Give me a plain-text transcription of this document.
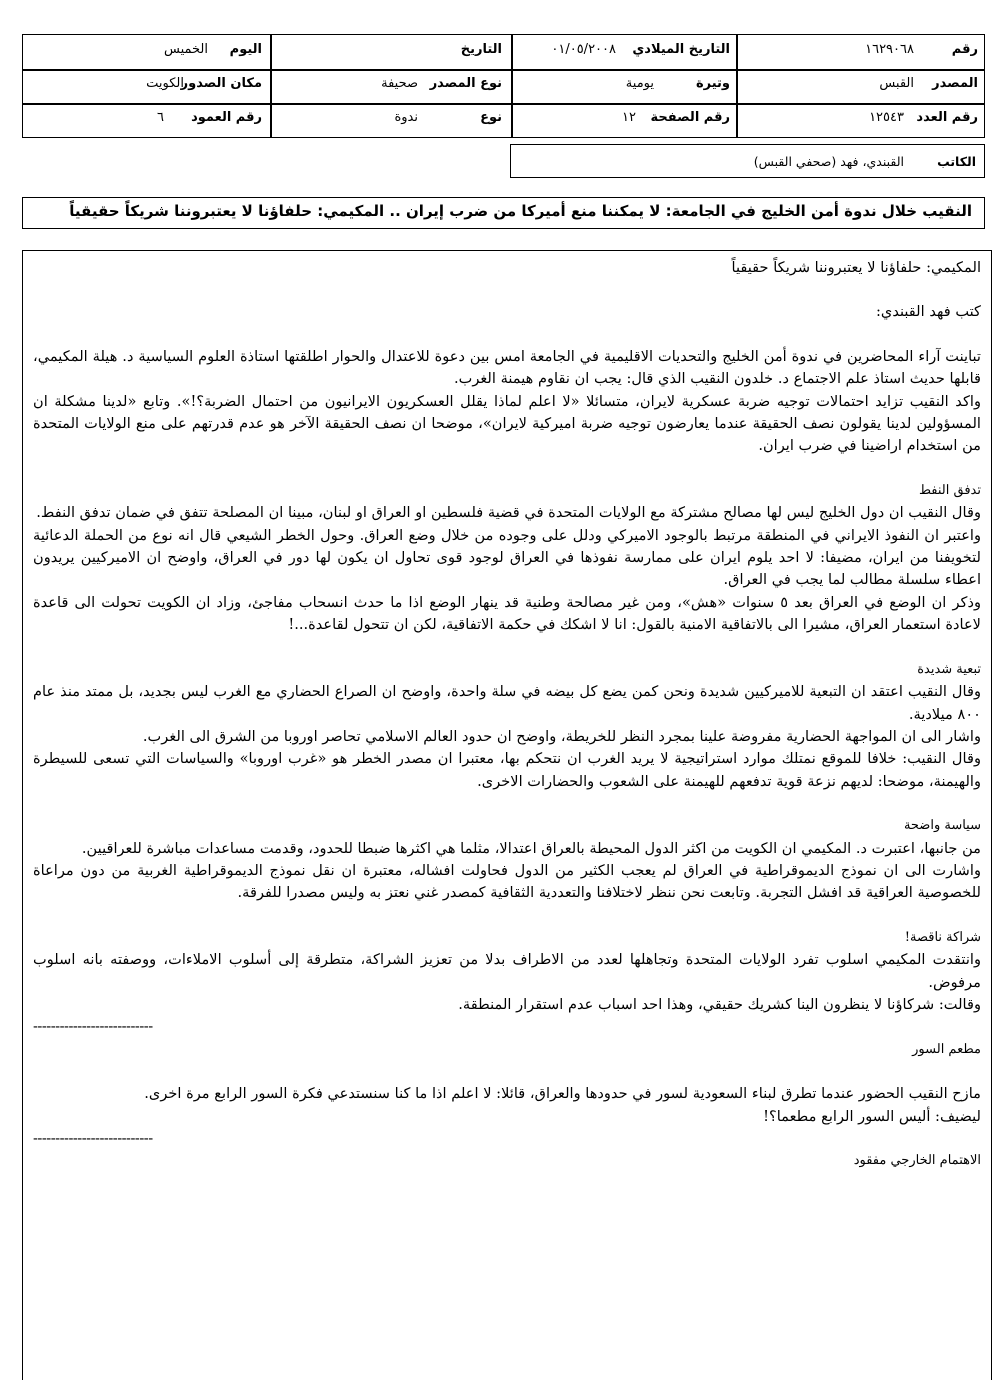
رقم
١٦٢٩٠٦٨
التاريخ الميلادي
٠١/٠٥/٢٠٠٨
التاريخ
اليوم
الخميس
المصدر
القبس
وتيرة
يومية
نوع المصدر
صحيفة
مكان الصدور
الكويت
رقم العدد
١٢٥٤٣
رقم الصفحة
١٢
نوع
ندوة
رقم العمود
٦
الكاتب
القبندي، فهد (صحفي القبس)
النقيب خلال ندوة أمن الخليج في الجامعة: لا يمكننا منع أميركا من ضرب إيران .. المكيمي: حلفاؤنا لا يعتبروننا شريكاً حقيقياً

المكيمي: حلفاؤنا لا يعتبروننا شريكاً حقيقياً

كتب فهد القبندي:

تباينت آراء المحاضرين في ندوة أمن الخليج والتحديات الاقليمية في الجامعة امس بين دعوة للاعتدال والحوار اطلقتها استاذة العلوم السياسية د. هيلة المكيمي، قابلها حديث استاذ علم الاجتماع د. خلدون النقيب الذي قال: يجب ان نقاوم هيمنة الغرب.

واكد النقيب تزايد احتمالات توجيه ضربة عسكرية لايران، متسائلا «لا اعلم لماذا يقلل العسكريون الايرانيون من احتمال الضربة؟!». وتابع «لدينا مشكلة ان المسؤولين لدينا يقولون نصف الحقيقة عندما يعارضون توجيه ضربة اميركية لايران»، موضحا ان نصف الحقيقة الآخر هو عدم قدرتهم على منع الولايات المتحدة من استخدام اراضينا في ضرب ايران.

تدفق النفط

وقال النقيب ان دول الخليج ليس لها مصالح مشتركة مع الولايات المتحدة في قضية فلسطين او العراق او لبنان، مبينا ان المصلحة تتفق في ضمان تدفق النفط.

واعتبر ان النفوذ الايراني في المنطقة مرتبط بالوجود الاميركي ودلل على وجوده من خلال وضع العراق. وحول الخطر الشيعي قال انه نوع من الحملة الدعائية لتخويفنا من ايران، مضيفا: لا احد يلوم ايران على ممارسة نفوذها في العراق لوجود قوى تحاول ان يكون لها دور في العراق، واوضح ان الاميركيين يريدون اعطاء سلسلة مطالب لما يجب في العراق.

وذكر ان الوضع في العراق بعد ٥ سنوات «هش»، ومن غير مصالحة وطنية قد ينهار الوضع اذا ما حدث انسحاب مفاجئ، وزاد ان الكويت تحولت الى قاعدة لاعادة استعمار العراق، مشيرا الى بالاتفاقية الامنية بالقول: انا لا اشكك في حكمة الاتفاقية، لكن ان تتحول لقاعدة...!

تبعية شديدة

وقال النقيب اعتقد ان التبعية للاميركيين شديدة ونحن كمن يضع كل بيضه في سلة واحدة، واوضح ان الصراع الحضاري مع الغرب ليس بجديد، بل ممتد منذ عام ٨٠٠ ميلادية.

واشار الى ان المواجهة الحضارية مفروضة علينا بمجرد النظر للخريطة، واوضح ان حدود العالم الاسلامي تحاصر اوروبا من الشرق الى الغرب.

وقال النقيب: خلافا للموقع نمتلك موارد استراتيجية لا يريد الغرب ان نتحكم بها، معتبرا ان مصدر الخطر هو «غرب اوروبا» والسياسات التي تسعى للسيطرة والهيمنة، موضحا: لديهم نزعة قوية تدفعهم للهيمنة على الشعوب والحضارات الاخرى.

سياسة واضحة

من جانبها، اعتبرت د. المكيمي ان الكويت من اكثر الدول المحيطة بالعراق اعتدالا، مثلما هي اكثرها ضبطا للحدود، وقدمت مساعدات مباشرة للعراقيين.

واشارت الى ان نموذج الديموقراطية في العراق لم يعجب الكثير من الدول فحاولت افشاله، معتبرة ان نقل نموذج الديموقراطية الغربية من دون مراعاة للخصوصية العراقية قد افشل التجربة. وتابعت نحن ننظر لاختلافنا والتعددية الثقافية كمصدر غني نعتز به وليس مصدرا للفرقة.

شراكة ناقصة!

وانتقدت المكيمي اسلوب تفرد الولايات المتحدة وتجاهلها لعدد من الاطراف بدلا من تعزيز الشراكة، متطرقة إلى أسلوب الاملاءات، ووصفته بانه اسلوب مرفوض.

وقالت: شركاؤنا لا ينظرون الينا كشريك حقيقي، وهذا احد اسباب عدم استقرار المنطقة.

---------------------------

مطعم السور

مازح النقيب الحضور عندما تطرق لبناء السعودية لسور في حدودها والعراق، قائلا: لا اعلم اذا ما كنا سنستدعي فكرة السور الرابع مرة اخرى.

ليضيف: أليس السور الرابع مطعما؟!

---------------------------

الاهتمام الخارجي مفقود
